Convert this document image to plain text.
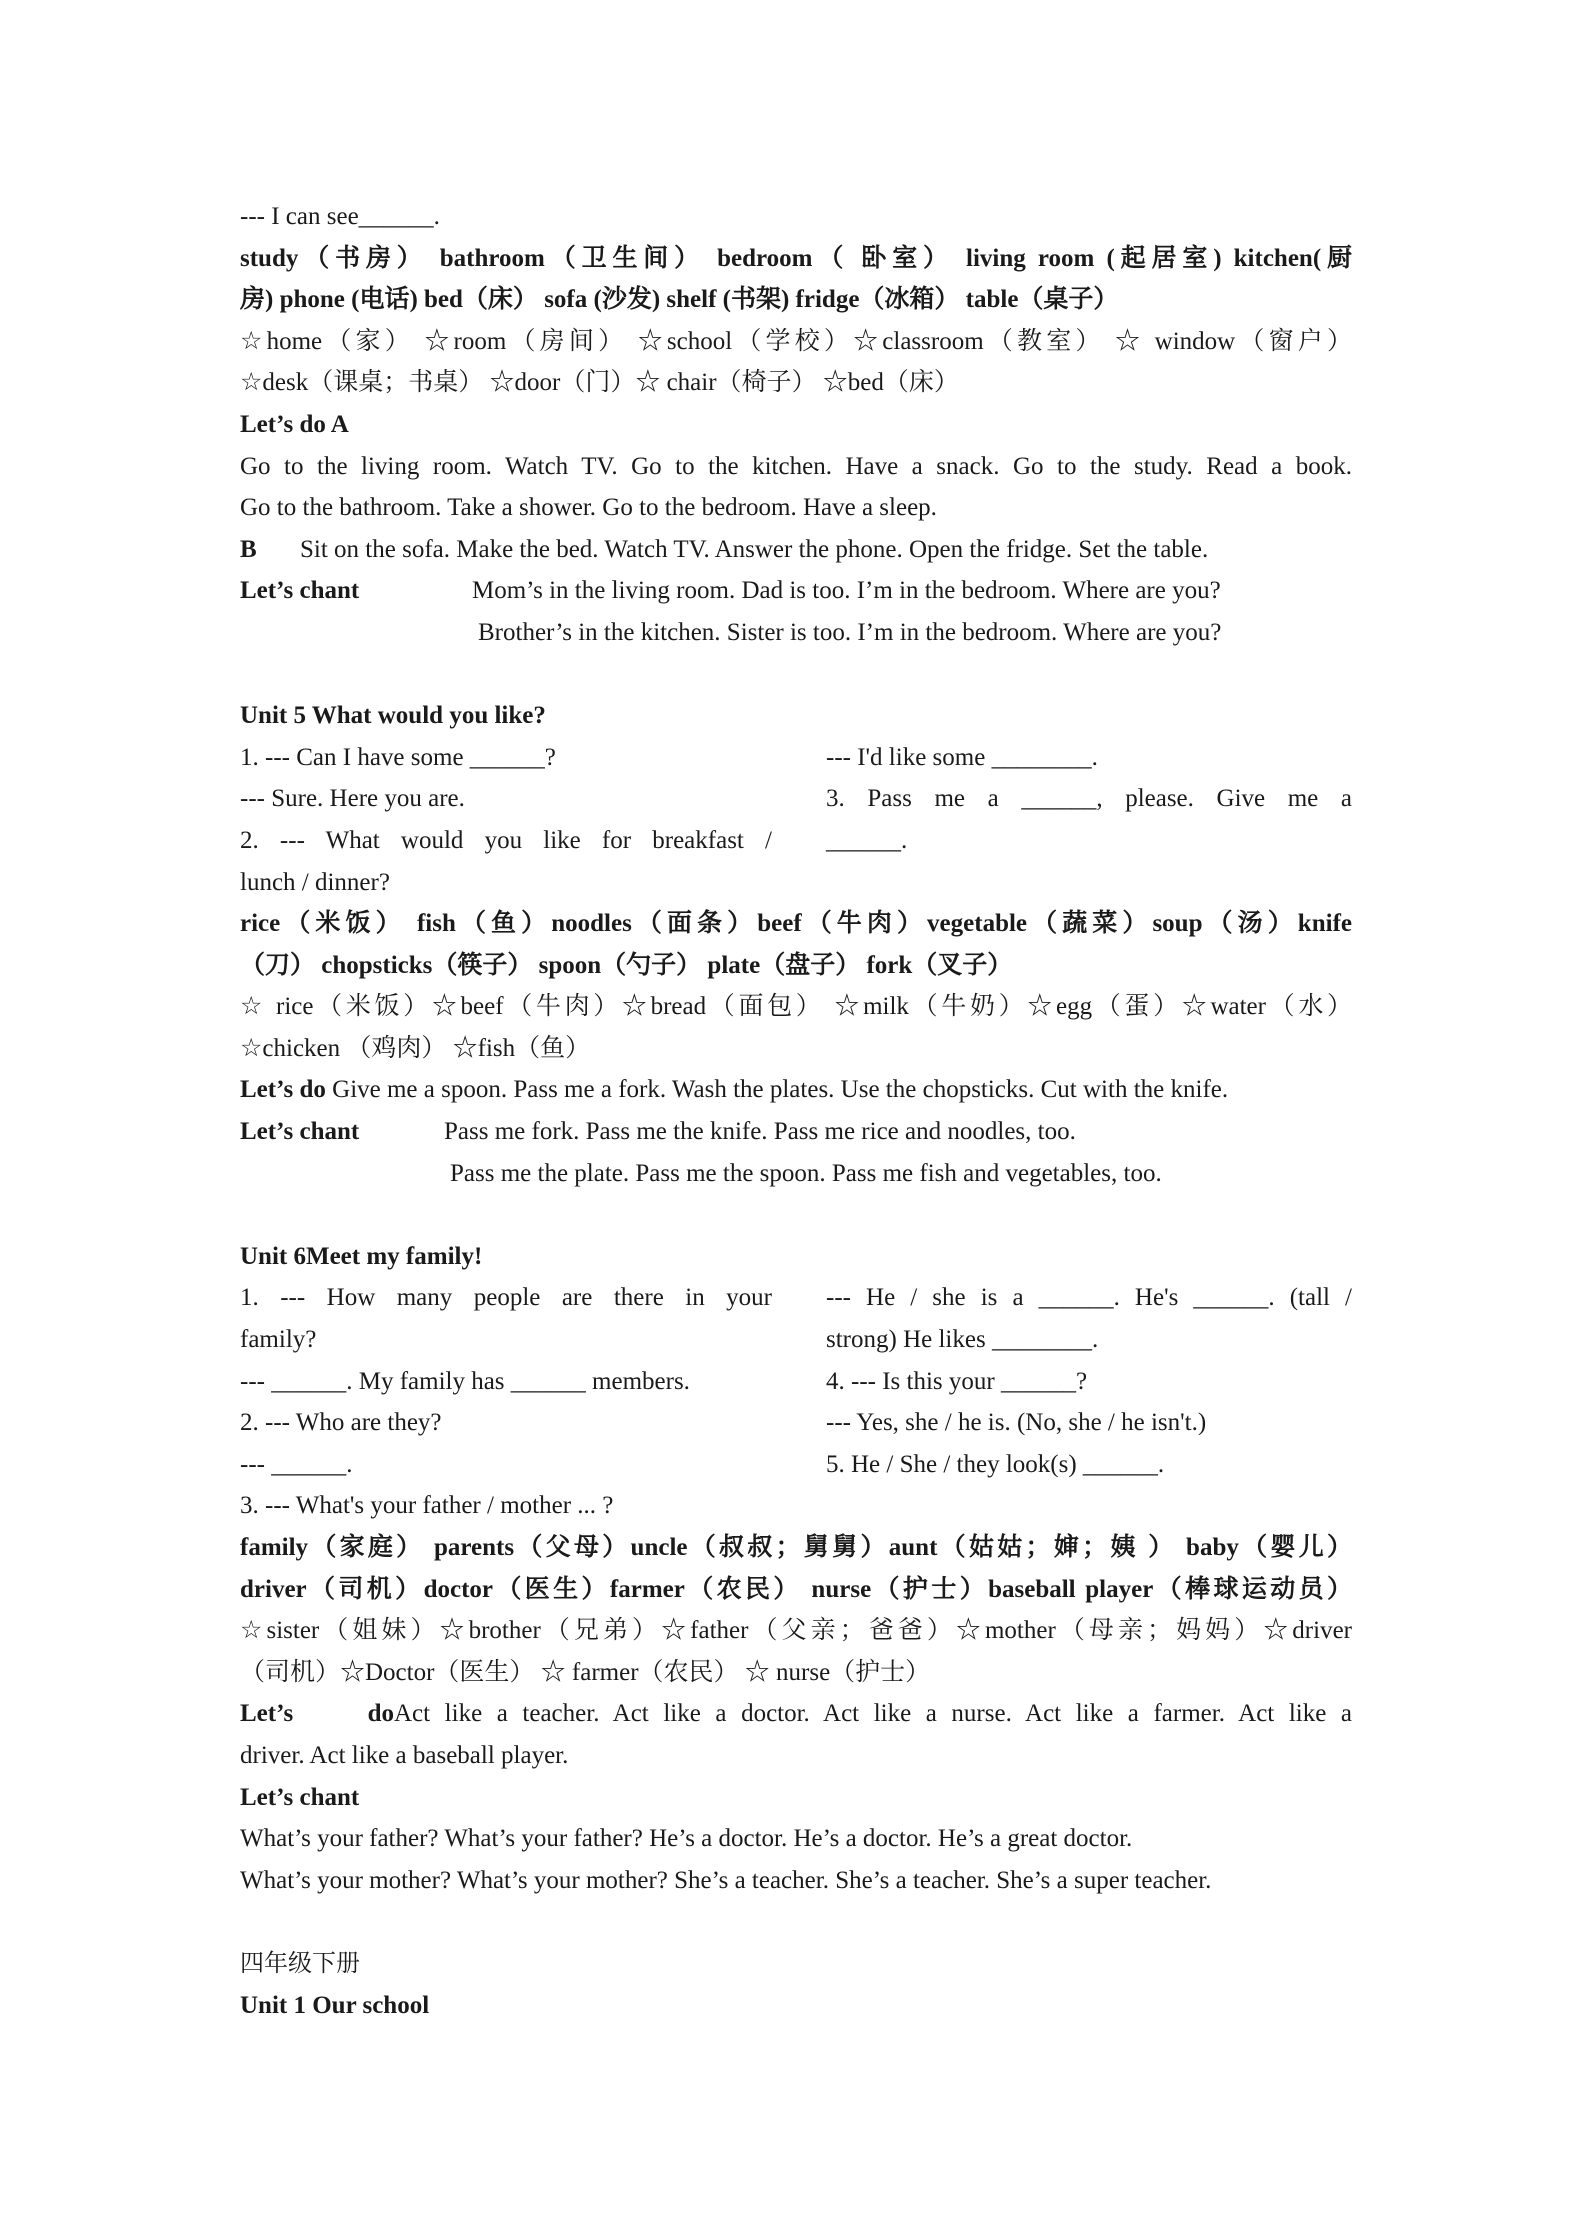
--- I can see______.
study（书房） bathroom（卫生间） bedroom（ 卧室） living room (起居室) kitchen(厨
房) phone (电话) bed（床） sofa (沙发) shelf (书架) fridge（冰箱） table（桌子）
☆home（家） ☆room（房间） ☆school（学校）☆classroom（教室） ☆ window（窗户）
☆desk（课桌；书桌） ☆door（门）☆ chair（椅子） ☆bed（床）
Let’s do A
Go to the living room. Watch TV. Go to the kitchen. Have a snack. Go to the study. Read a book.
Go to the bathroom. Take a shower. Go to the bedroom. Have a sleep.
B Sit on the sofa. Make the bed. Watch TV. Answer the phone. Open the fridge. Set the table.
Let’s chant	Mom’s in the living room. Dad is too. I’m in the bedroom. Where are you?
Brother’s in the kitchen. Sister is too. I’m in the bedroom. Where are you?
Unit 5 What would you like?
1. --- Can I have some ______?
--- Sure. Here you are.
2. --- What would you like for breakfast /
lunch / dinner?
--- I'd like some ________.
3. Pass me a ______, please. Give me a
______.
rice（米饭） fish（鱼）noodles（面条）beef（牛肉）vegetable（蔬菜）soup（汤）knife
（刀） chopsticks（筷子） spoon（勺子） plate（盘子） fork（叉子）
☆ rice（米饭）☆beef（牛肉）☆bread（面包） ☆milk（牛奶）☆egg（蛋）☆water（水）
☆chicken （鸡肉） ☆fish（鱼）
Let’s do Give me a spoon. Pass me a fork. Wash the plates. Use the chopsticks. Cut with the knife.
Let’s chant	Pass me fork. Pass me the knife. Pass me rice and noodles, too.
Pass me the plate. Pass me the spoon. Pass me fish and vegetables, too.
Unit 6Meet my family!
1. --- How many people are there in your
family?
--- ______. My family has ______ members.
2. --- Who are they?
--- ______.
--- He / she is a ______. He's ______. (tall /
strong) He likes ________.
4. --- Is this your ______?
--- Yes, she / he is. (No, she / he isn't.)
5. He / She / they look(s) ______.
3. --- What's your father / mother ... ?
family（家庭） parents（父母）uncle（叔叔；舅舅）aunt（姑姑；婶；姨 ） baby（婴儿）
driver（司机）doctor（医生）farmer（农民） nurse（护士）baseball player（棒球运动员）
☆sister（姐妹）☆brother（兄弟）☆father（父亲；爸爸）☆mother（母亲；妈妈）☆driver
（司机）☆Doctor（医生） ☆ farmer（农民） ☆ nurse（护士）
Let’s doAct like a teacher. Act like a doctor. Act like a nurse. Act like a farmer. Act like a
driver. Act like a baseball player.
Let’s chant
What’s your father? What’s your father? He’s a doctor. He’s a doctor. He’s a great doctor.
What’s your mother? What’s your mother? She’s a teacher. She’s a teacher. She’s a super teacher.
四年级下册
Unit 1 Our school
